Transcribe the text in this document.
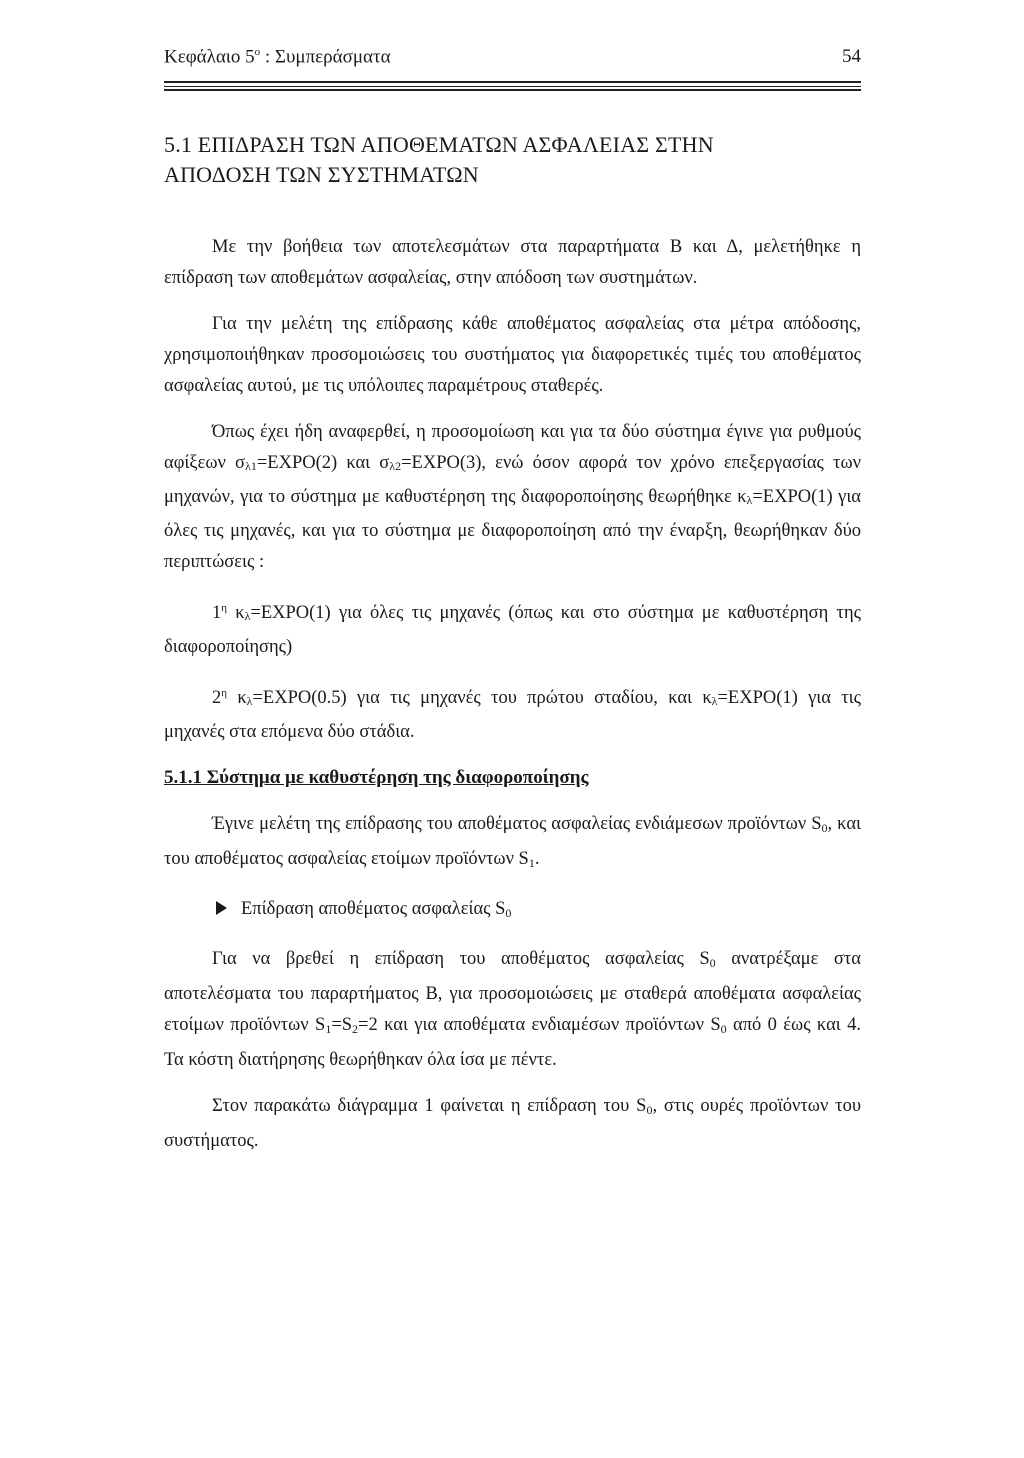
Κεφάλαιο $5^o$ : Συμπεράσματα	54
5.1 ΕΠΙΔΡΑΣΗ ΤΩΝ ΑΠΟΘΕΜΑΤΩΝ ΑΣΦΑΛΕΙΑΣ ΣΤΗΝ
ΑΠΟΔΟΣΗ ΤΩΝ ΣΥΣΤΗΜΑΤΩΝ

Με την βοήθεια των αποτελεσμάτων στα παραρτήματα Β και Δ, μελετήθηκε η επίδραση των αποθεμάτων ασφαλείας, στην απόδοση των συστημάτων.

Για την μελέτη της επίδρασης κάθε αποθέματος ασφαλείας στα μέτρα απόδοσης, χρησιμοποιήθηκαν προσομοιώσεις του συστήματος για διαφορετικές τιμές του αποθέματος ασφαλείας αυτού, με τις υπόλοιπες παραμέτρους σταθερές.

Όπως έχει ήδη αναφερθεί, η προσομοίωση και για τα δύο σύστημα έγινε για ρυθμούς αφίξεων σλ1=EXPO(2) και σλ2=EXPO(3), ενώ όσον αφορά τον χρόνο επεξεργασίας των μηχανών, για το σύστημα με καθυστέρηση της διαφοροποίησης θεωρήθηκε κλ=EXPO(1) για όλες τις μηχανές, και για το σύστημα με διαφοροποίηση από την έναρξη, θεωρήθηκαν δύο περιπτώσεις :

$1^\eta$ κλ=EXPO(1) για όλες τις μηχανές (όπως και στο σύστημα με καθυστέρηση της διαφοροποίησης)

$2^\eta$ κλ=EXPO(0.5) για τις μηχανές του πρώτου σταδίου, και κλ=EXPO(1) για τις μηχανές στα επόμενα δύο στάδια.

5.1.1 Σύστημα με καθυστέρηση της διαφοροποίησης

Έγινε μελέτη της επίδρασης του αποθέματος ασφαλείας ενδιάμεσων προϊόντων S0, και του αποθέματος ασφαλείας ετοίμων προϊόντων S1.

Επίδραση αποθέματος ασφαλείας S0

Για να βρεθεί η επίδραση του αποθέματος ασφαλείας S0 ανατρέξαμε στα αποτελέσματα του παραρτήματος Β, για προσομοιώσεις με σταθερά αποθέματα ασφαλείας ετοίμων προϊόντων S1=S2=2 και για αποθέματα ενδιαμέσων προϊόντων S0 από 0 έως και 4. Τα κόστη διατήρησης θεωρήθηκαν όλα ίσα με πέντε.

Στον παρακάτω διάγραμμα 1 φαίνεται η επίδραση του S0, στις ουρές προϊόντων του συστήματος.
